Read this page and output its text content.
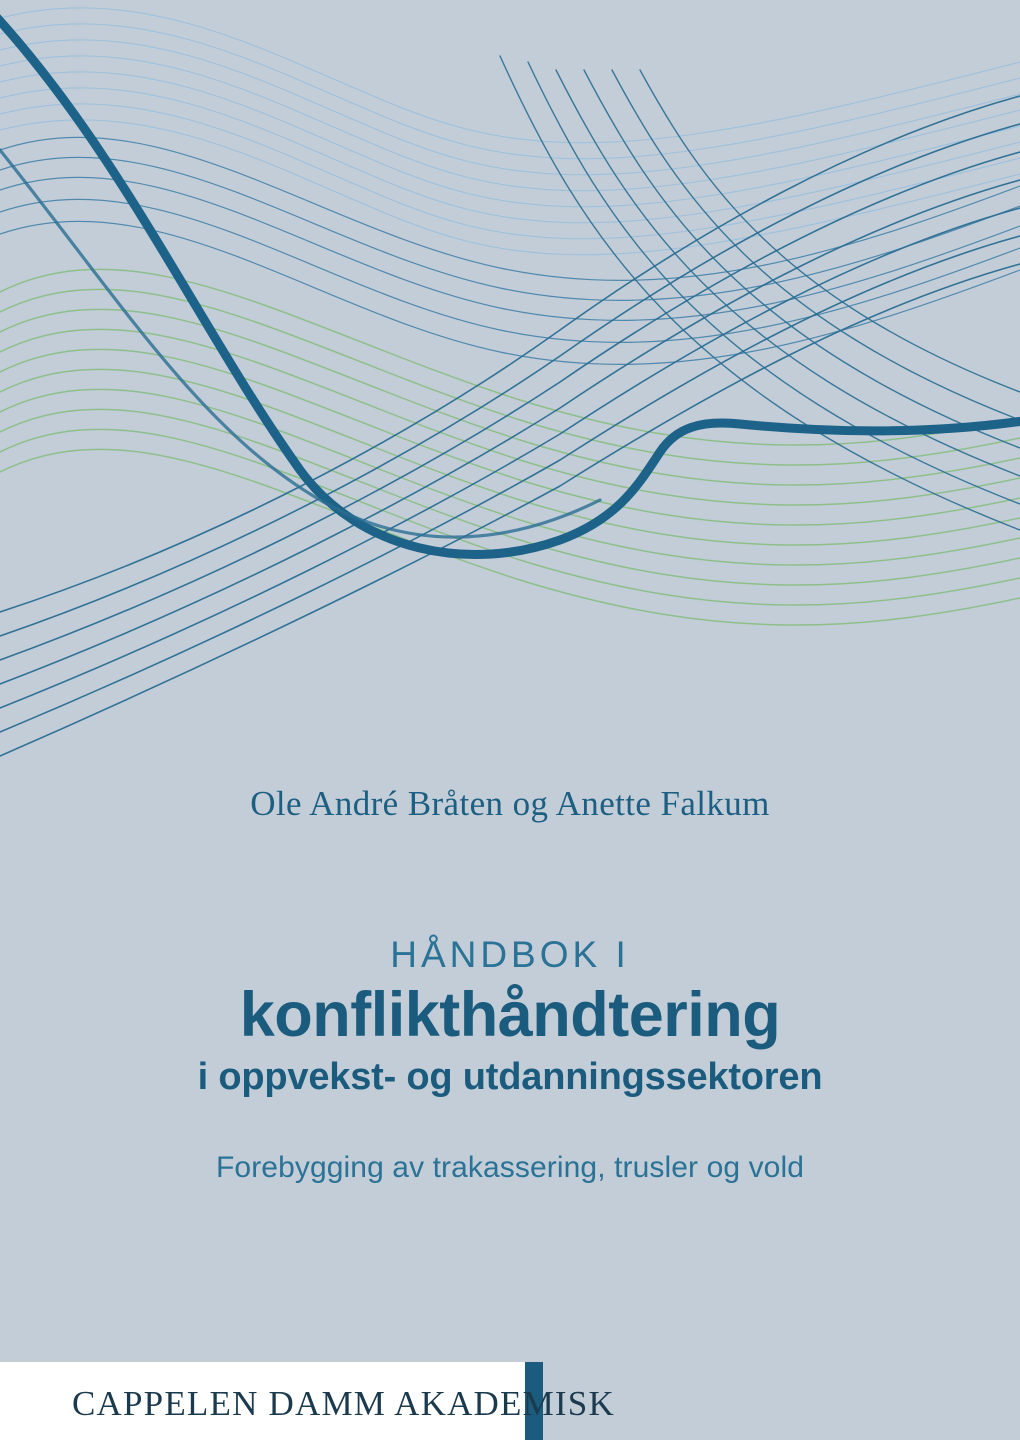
Ole André Bråten og Anette Falkum
HÅNDBOK I
konflikthåndtering
i oppvekst- og utdanningssektoren
Forebygging av trakassering, trusler og vold
CAPPELEN DAMM AKADEMISK
